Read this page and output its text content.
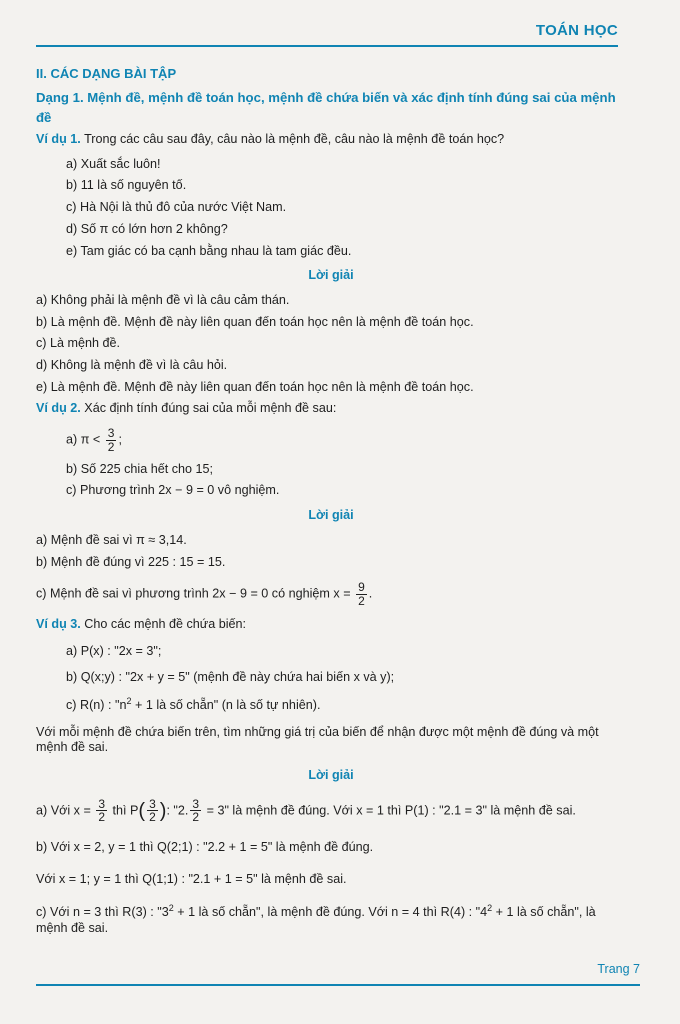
TOÁN HỌC
II. CÁC DẠNG BÀI TẬP
Dạng 1. Mệnh đề, mệnh đề toán học, mệnh đề chứa biến và xác định tính đúng sai của mệnh đề
Ví dụ 1. Trong các câu sau đây, câu nào là mệnh đề, câu nào là mệnh đề toán học?
a) Xuất sắc luôn!
b) 11 là số nguyên tố.
c) Hà Nội là thủ đô của nước Việt Nam.
d) Số π có lớn hơn 2 không?
e) Tam giác có ba cạnh bằng nhau là tam giác đều.
Lời giải
a) Không phải là mệnh đề vì là câu cảm thán.
b) Là mệnh đề. Mệnh đề này liên quan đến toán học nên là mệnh đề toán học.
c) Là mệnh đề.
d) Không là mệnh đề vì là câu hỏi.
e) Là mệnh đề. Mệnh đề này liên quan đến toán học nên là mệnh đề toán học.
Ví dụ 2. Xác định tính đúng sai của mỗi mệnh đề sau:
a) $\pi < \frac{3}{2}$ ;
b) Số 225 chia hết cho 15;
c) Phương trình 2x − 9 = 0 vô nghiệm.
Lời giải
a) Mệnh đề sai vì π ≈ 3,14.
b) Mệnh đề đúng vì 225 : 15 = 15.
c) Mệnh đề sai vì phương trình 2x − 9 = 0 có nghiệm $x = \frac{9}{2}$ .
Ví dụ 3. Cho các mệnh đề chứa biến:
a) P(x) : "2x = 3";
b) Q(x;y) : "2x + y = 5" (mệnh đề này chứa hai biến x và y);
c) R(n) : "$n^2 + 1$ là số chẵn" (n là số tự nhiên).
Với mỗi mệnh đề chứa biến trên, tìm những giá trị của biến để nhận được một mệnh đề đúng và một mệnh đề sai.
Lời giải
a) Với $x = \frac{3}{2}$ thì $P( \frac{3}{2}$ ): "2. $\frac{3}{2} = 3$" là mệnh đề đúng. Với x = 1 thì P(1) : "2.1 = 3" là mệnh đề sai.
b) Với x = 2, y = 1 thì Q(2;1) : "2.2 + 1 = 5" là mệnh đề đúng.
Với x = 1; y = 1 thì Q(1;1) : "2.1 + 1 = 5" là mệnh đề sai.
c) Với n = 3 thì R(3) : "$3^2 + 1$ là số chẵn", là mệnh đề đúng. Với n = 4 thì R(4) : "$4^2 + 1$ là số chẵn", là mệnh đề sai.
Trang 7
